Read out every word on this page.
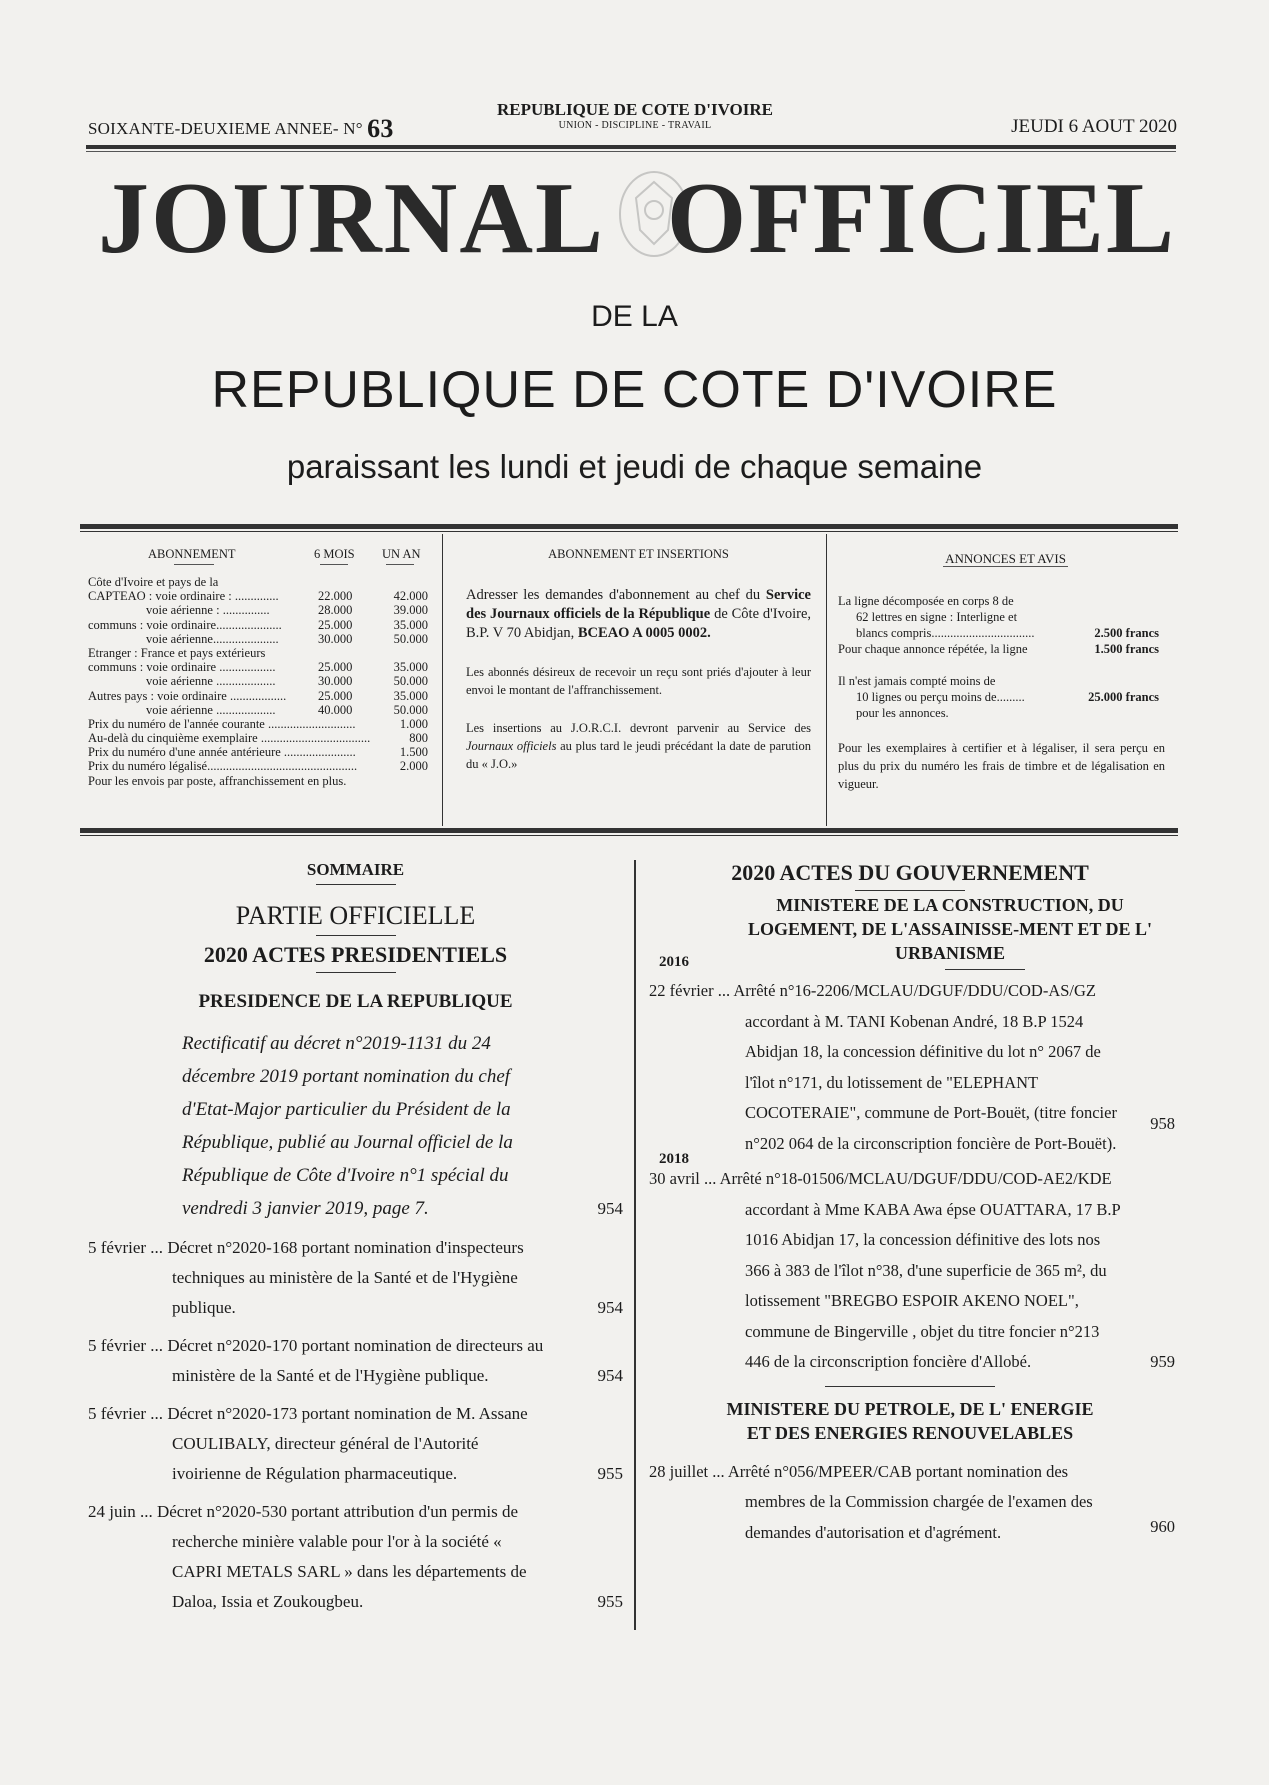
SOIXANTE-DEUXIEME ANNEE- N° 63
REPUBLIQUE DE COTE D'IVOIRE
UNION - DISCIPLINE - TRAVAIL	JEUDI 6 AOUT 2020
JOURNAL OFFICIEL
DE LA
REPUBLIQUE DE COTE D'IVOIRE
paraissant les lundi et jeudi de chaque semaine
ABONNEMENT	6 MOIS UN AN
Côte d'Ivoire et pays de la
CAPTEAO : voie ordinaire : ..............	22.000	42.000
voie aérienne : ...............	28.000	39.000
communs : voie ordinaire.....................	25.000	35.000
voie aérienne.....................	30.000	50.000
Etranger : France et pays extérieurs
communs : voie ordinaire ..................	25.000	35.000
voie aérienne ...................	30.000	50.000
Autres pays : voie ordinaire ..................	25.000	35.000
voie aérienne ...................	40.000	50.000
Prix du numéro de l'année courante ............................	1.000
Au-delà du cinquième exemplaire ...................................	800
Prix du numéro d'une année antérieure .......................	1.500
Prix du numéro légalisé................................................	2.000
Pour les envois par poste, affranchissement en plus.
ABONNEMENT ET INSERTIONS
Adresser les demandes d'abonnement au chef du Service des Journaux officiels de la République de Côte d'Ivoire, B.P. V 70 Abidjan, BCEAO A 0005 0002.
Les abonnés désireux de recevoir un reçu sont priés d'ajouter à leur envoi le montant de l'affranchissement.
Les insertions au J.O.R.C.I. devront parvenir au Service des Journaux officiels au plus tard le jeudi précédant la date de parution du « J.O.»
ANNONCES ET AVIS
La ligne décomposée en corps 8 de
62 lettres en signe : Interligne et
blancs compris.................................	2.500 francs
Pour chaque annonce répétée, la ligne	1.500 francs
Il n'est jamais compté moins de
10 lignes ou perçu moins de.........	25.000 francs
pour les annonces.
Pour les exemplaires à certifier et à légaliser, il sera perçu en plus du prix du numéro les frais de timbre et de légalisation en vigueur.
SOMMAIRE
PARTIE OFFICIELLE
2020 ACTES PRESIDENTIELS
PRESIDENCE DE LA REPUBLIQUE
Rectificatif au décret n°2019-1131 du 24 décembre 2019 portant nomination du chef d'Etat-Major particulier du Président de la République, publié au Journal officiel de la République de Côte d'Ivoire n°1 spécial du vendredi 3 janvier 2019, page 7.	954
5 février ... Décret n°2020-168 portant nomination d'inspecteurs techniques au ministère de la Santé et de l'Hygiène publique.	954
5 février ... Décret n°2020-170 portant nomination de directeurs au ministère de la Santé et de l'Hygiène publique.	954
5 février ... Décret n°2020-173 portant nomination de M. Assane COULIBALY, directeur général de l'Autorité ivoirienne de Régulation pharmaceutique.	955
24 juin ... Décret n°2020-530 portant attribution d'un permis de recherche minière valable pour l'or à la société « CAPRI METALS SARL » dans les départements de Daloa, Issia et Zoukougbeu.	955
2020 ACTES DU GOUVERNEMENT
MINISTERE DE LA CONSTRUCTION, DU LOGEMENT, DE L'ASSAINISSE-MENT ET DE L' URBANISME
2016
22 février ... Arrêté n°16-2206/MCLAU/DGUF/DDU/COD-AS/GZ accordant à M. TANI Kobenan André, 18 B.P 1524 Abidjan 18, la concession définitive du lot n° 2067 de l'îlot n°171, du lotissement de "ELEPHANT COCOTERAIE", commune de Port-Bouët, (titre foncier n°202 064 de la circonscription foncière de Port-Bouët).
958
2018
30 avril ... Arrêté n°18-01506/MCLAU/DGUF/DDU/COD-AE2/KDE accordant à Mme KABA Awa épse OUATTARA, 17 B.P 1016 Abidjan 17, la concession définitive des lots nos 366 à 383 de l'îlot n°38, d'une superficie de 365 m², du lotissement "BREGBO ESPOIR AKENO NOEL", commune de Bingerville , objet du titre foncier n°213 446 de la circonscription foncière d'Allobé.	959
MINISTERE DU PETROLE, DE L' ENERGIE ET DES ENERGIES RENOUVELABLES
28 juillet ... Arrêté n°056/MPEER/CAB portant nomination des membres de la Commission chargée de l'examen des demandes d'autorisation et d'agrément.	960
